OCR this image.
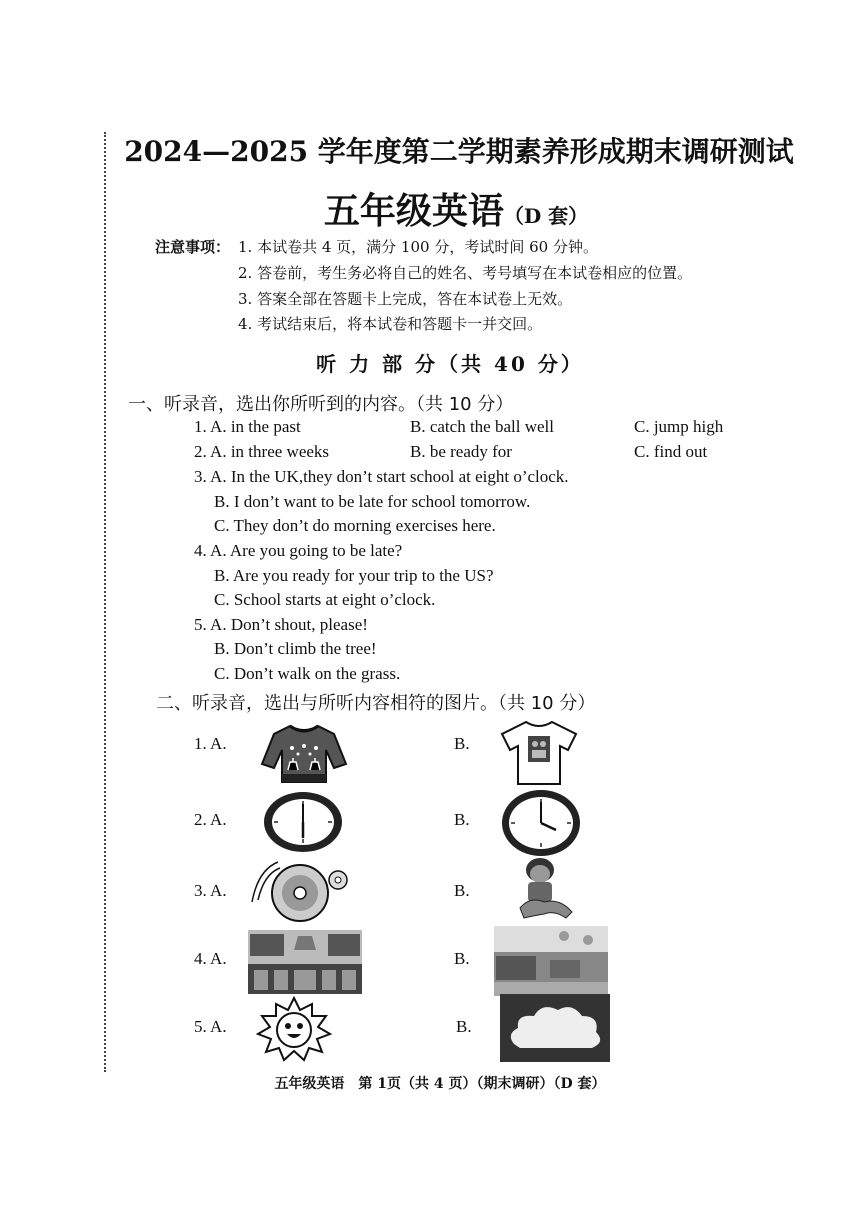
2024—2025 学年度第二学期素养形成期末调研测试
五年级英语（D 套）
注意事项： 1. 本试卷共 4 页，满分 100 分，考试时间 60 分钟。
2. 答卷前，考生务必将自己的姓名、考号填写在本试卷相应的位置。
3. 答案全部在答题卡上完成，答在本试卷上无效。
4. 考试结束后，将本试卷和答题卡一并交回。
听 力 部 分（共 40 分）
一、听录音，选出你所听到的内容。（共 10 分）
1. A. in the past	B. catch the ball well	C. jump high
2. A. in three weeks	B. be ready for	C. find out
3. A. In the UK,they don’t start school at eight o’clock.
B. I don’t want to be late for school tomorrow.
C. They don’t do morning exercises here.
4. A. Are you going to be late?
B. Are you ready for your trip to the US?
C. School starts at eight o’clock.
5. A. Don’t shout, please!
B. Don’t climb the tree!
C. Don’t walk on the grass.
二、听录音，选出与所听内容相符的图片。（共 10 分）
1. A.	B.
2. A.	B.
3. A.	B.
4. A.	B.
5. A.	B.
五年级英语　第 1页（共 4 页）（期末调研）（D 套）
